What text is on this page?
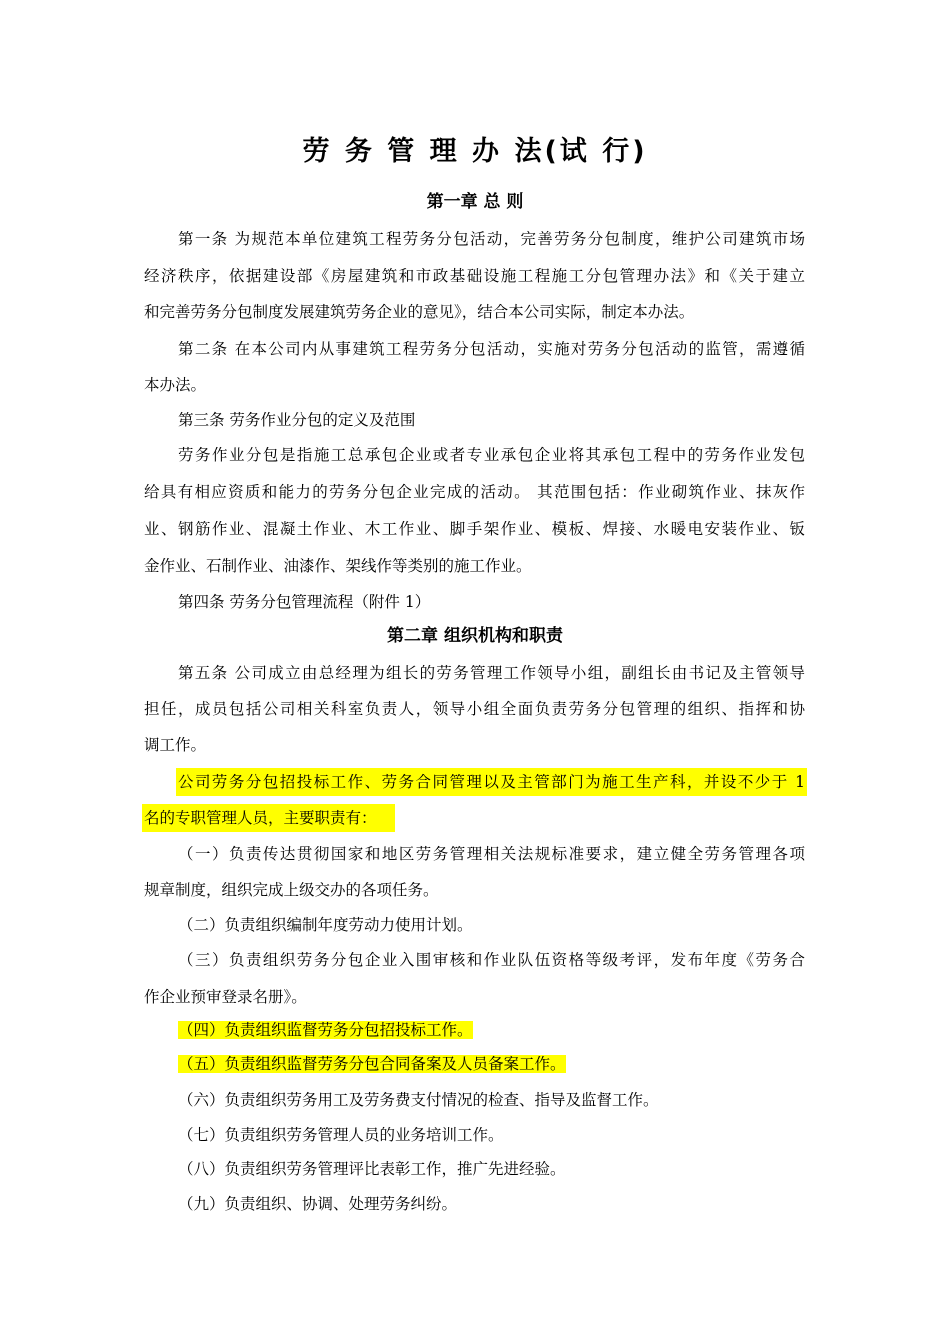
劳 务 管 理 办 法(试 行)
第一章 总 则
第一条 为规范本单位建筑工程劳务分包活动，完善劳务分包制度，维护公司建筑市场
经济秩序，依据建设部《房屋建筑和市政基础设施工程施工分包管理办法》和《关于建立
和完善劳务分包制度发展建筑劳务企业的意见》，结合本公司实际，制定本办法。
第二条 在本公司内从事建筑工程劳务分包活动，实施对劳务分包活动的监管，需遵循
本办法。
第三条 劳务作业分包的定义及范围
劳务作业分包是指施工总承包企业或者专业承包企业将其承包工程中的劳务作业发包
给具有相应资质和能力的劳务分包企业完成的活动。 其范围包括：作业砌筑作业、抹灰作
业、钢筋作业、混凝土作业、木工作业、脚手架作业、模板、焊接、水暖电安装作业、钣
金作业、石制作业、油漆作、架线作等类别的施工作业。
第四条 劳务分包管理流程（附件 1）
第二章 组织机构和职责
第五条 公司成立由总经理为组长的劳务管理工作领导小组，副组长由书记及主管领导
担任，成员包括公司相关科室负责人，领导小组全面负责劳务分包管理的组织、指挥和协
调工作。
公司劳务分包招投标工作、劳务合同管理以及主管部门为施工生产科，并设不少于 1
名的专职管理人员，主要职责有：
（一）负责传达贯彻国家和地区劳务管理相关法规标准要求，建立健全劳务管理各项
规章制度，组织完成上级交办的各项任务。
（二）负责组织编制年度劳动力使用计划。
（三）负责组织劳务分包企业入围审核和作业队伍资格等级考评，发布年度《劳务合
作企业预审登录名册》。
（四）负责组织监督劳务分包招投标工作。
（五）负责组织监督劳务分包合同备案及人员备案工作。
（六）负责组织劳务用工及劳务费支付情况的检查、指导及监督工作。
（七）负责组织劳务管理人员的业务培训工作。
（八）负责组织劳务管理评比表彰工作，推广先进经验。
（九）负责组织、协调、处理劳务纠纷。
